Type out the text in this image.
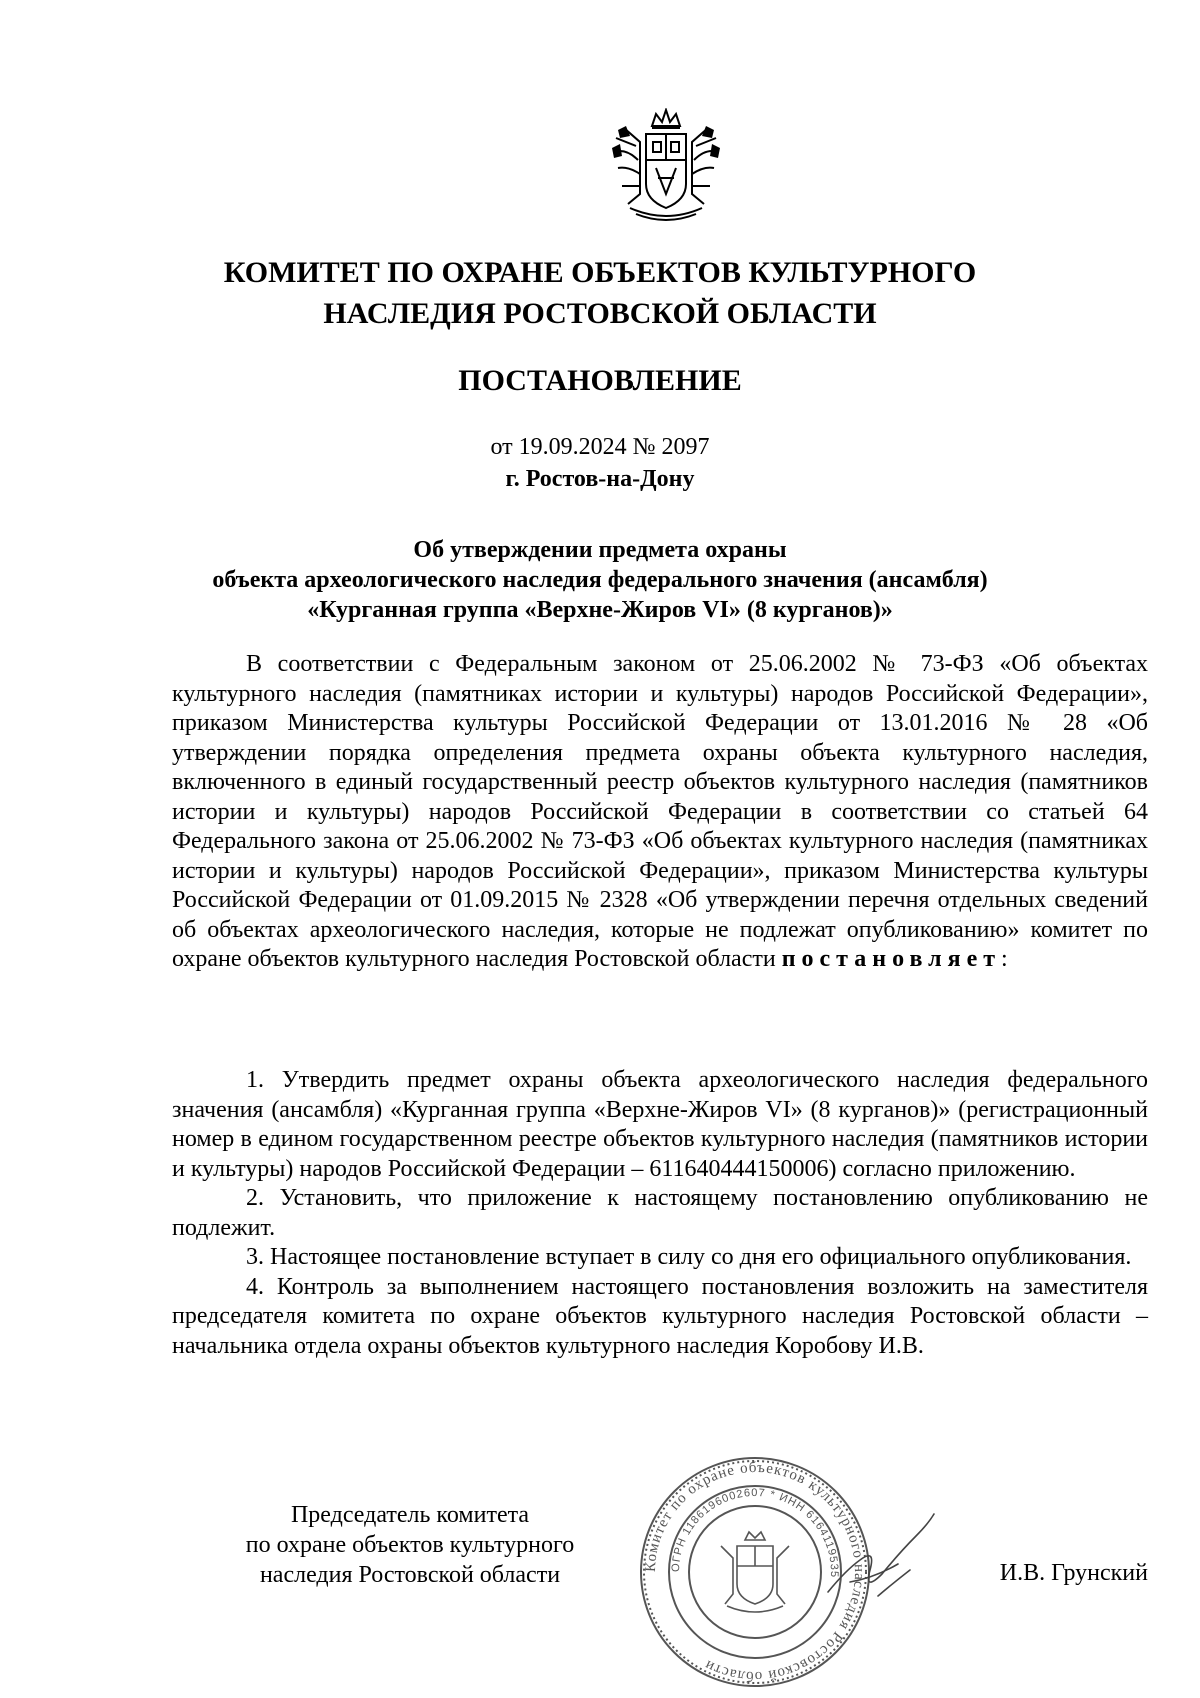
КОМИТЕТ ПО ОХРАНЕ ОБЪЕКТОВ КУЛЬТУРНОГО
НАСЛЕДИЯ РОСТОВСКОЙ ОБЛАСТИ
ПОСТАНОВЛЕНИЕ
от 19.09.2024 № 2097
г. Ростов-на-Дону
Об утверждении предмета охраны
объекта археологического наследия федерального значения (ансамбля)
«Курганная группа «Верхне-Жиров VI» (8 курганов)»

В соответствии с Федеральным законом от 25.06.2002 № 73-ФЗ «Об объектах культурного наследия (памятниках истории и культуры) народов Российской Федерации», приказом Министерства культуры Российской Федерации от 13.01.2016 № 28 «Об утверждении порядка определения предмета охраны объекта культурного наследия, включенного в единый государственный реестр объектов культурного наследия (памятников истории и культуры) народов Российской Федерации в соответствии со статьей 64 Федерального закона от 25.06.2002 № 73-ФЗ «Об объектах культурного наследия (памятниках истории и культуры) народов Российской Федерации», приказом Министерства культуры Российской Федерации от 01.09.2015 № 2328 «Об утверждении перечня отдельных сведений об объектах археологического наследия, которые не подлежат опубликованию» комитет по охране объектов культурного наследия Ростовской области постановляет:

1. Утвердить предмет охраны объекта археологического наследия федерального значения (ансамбля) «Курганная группа «Верхне-Жиров VI» (8 курганов)» (регистрационный номер в едином государственном реестре объектов культурного наследия (памятников истории и культуры) народов Российской Федерации – 611640444150006) согласно приложению.

2. Установить, что приложение к настоящему постановлению опубликованию не подлежит.

3. Настоящее постановление вступает в силу со дня его официального опубликования.

4. Контроль за выполнением настоящего постановления возложить на заместителя председателя комитета по охране объектов культурного наследия Ростовской области – начальника отдела охраны объектов культурного наследия Коробову И.В.

Комитет по охране объектов культурного наследия Ростовской области
ОГРН 1186196002607 * ИНН 6164119535
Председатель комитета
по охране объектов культурного
наследия Ростовской области	И.В. Грунский
